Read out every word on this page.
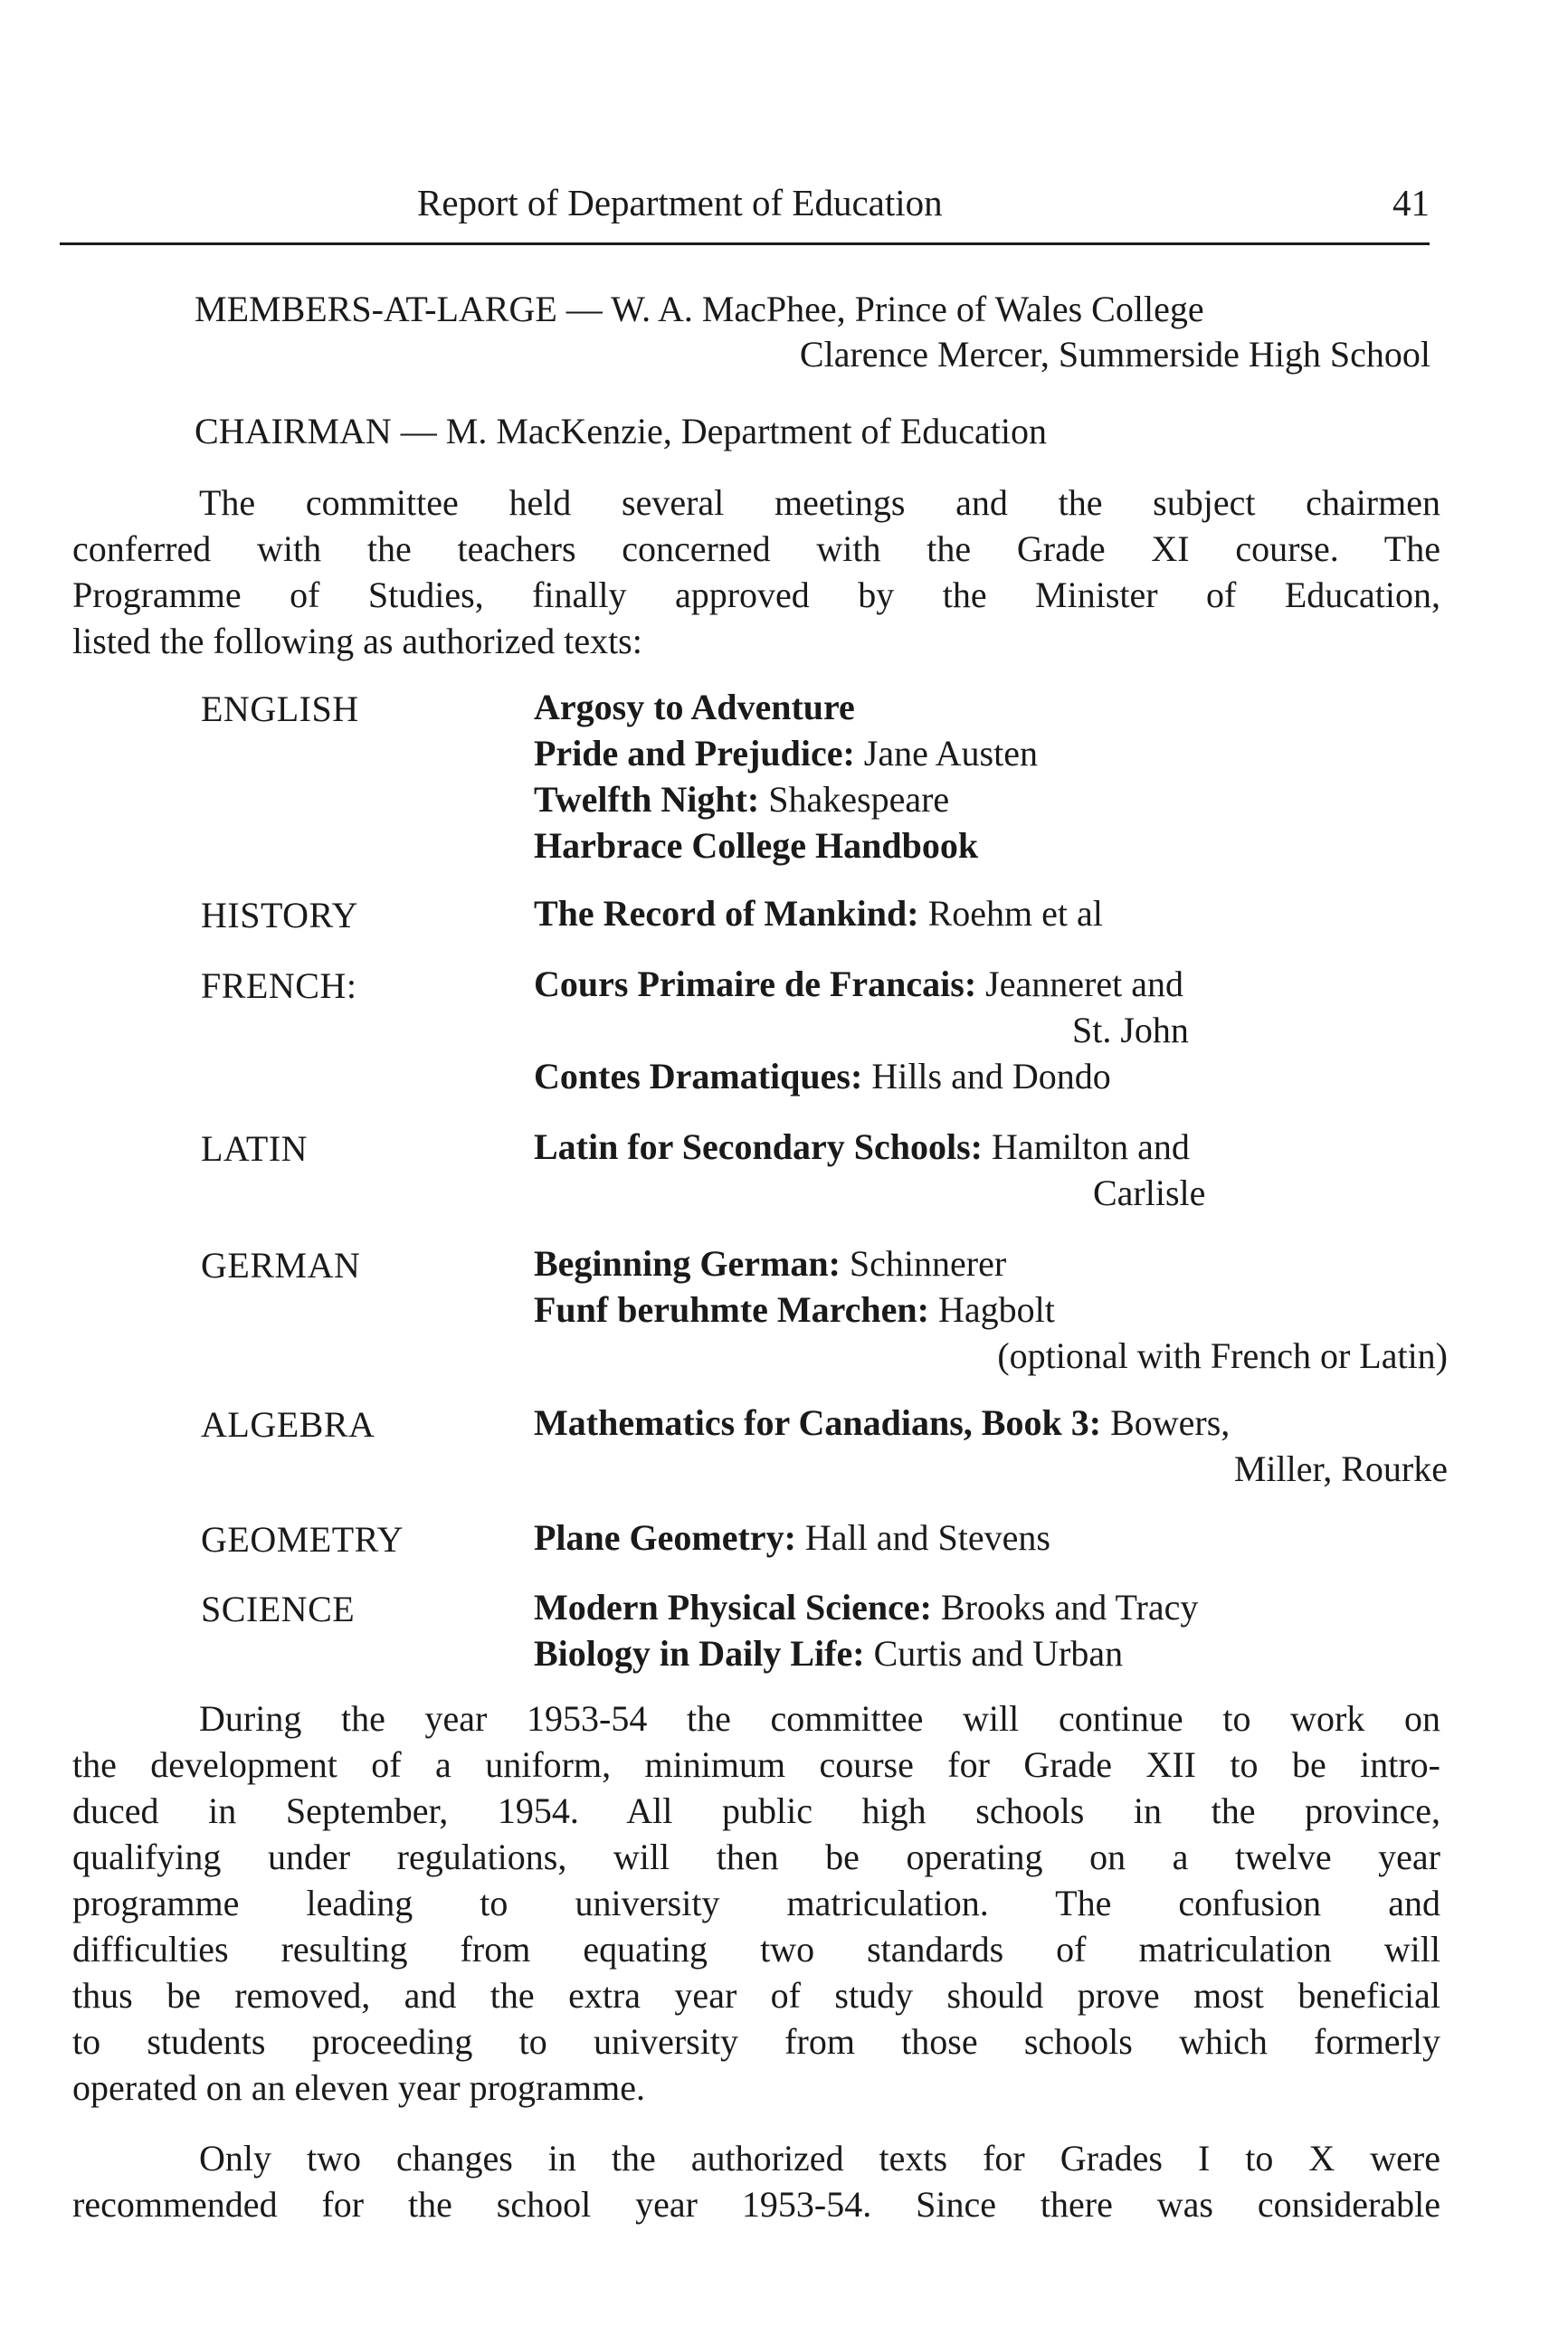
Report of Department of Education	41
MEMBERS-AT-LARGE — W. A. MacPhee, Prince of Wales College
Clarence Mercer, Summerside High School
CHAIRMAN — M. MacKenzie, Department of Education
The committee held several meetings and the subject chairmen
conferred with the teachers concerned with the Grade XI course. The
Programme of Studies, finally approved by the Minister of Education,
listed the following as authorized texts:
ENGLISH	Argosy to Adventure
Pride and Prejudice: Jane Austen
Twelfth Night: Shakespeare
Harbrace College Handbook
HISTORY	The Record of Mankind: Roehm et al
FRENCH:	Cours Primaire de Francais: Jeanneret and
St. John
Contes Dramatiques: Hills and Dondo
LATIN	Latin for Secondary Schools: Hamilton and
Carlisle
GERMAN	Beginning German: Schinnerer
Funf beruhmte Marchen: Hagbolt
(optional with French or Latin)
ALGEBRA	Mathematics for Canadians, Book 3: Bowers,
Miller, Rourke
GEOMETRY	Plane Geometry: Hall and Stevens
SCIENCE	Modern Physical Science: Brooks and Tracy
Biology in Daily Life: Curtis and Urban
During the year 1953-54 the committee will continue to work on
the development of a uniform, minimum course for Grade XII to be intro-
duced in September, 1954. All public high schools in the province,
qualifying under regulations, will then be operating on a twelve year
programme leading to university matriculation. The confusion and
difficulties resulting from equating two standards of matriculation will
thus be removed, and the extra year of study should prove most beneficial
to students proceeding to university from those schools which formerly
operated on an eleven year programme.
Only two changes in the authorized texts for Grades I to X were
recommended for the school year 1953-54. Since there was considerable
